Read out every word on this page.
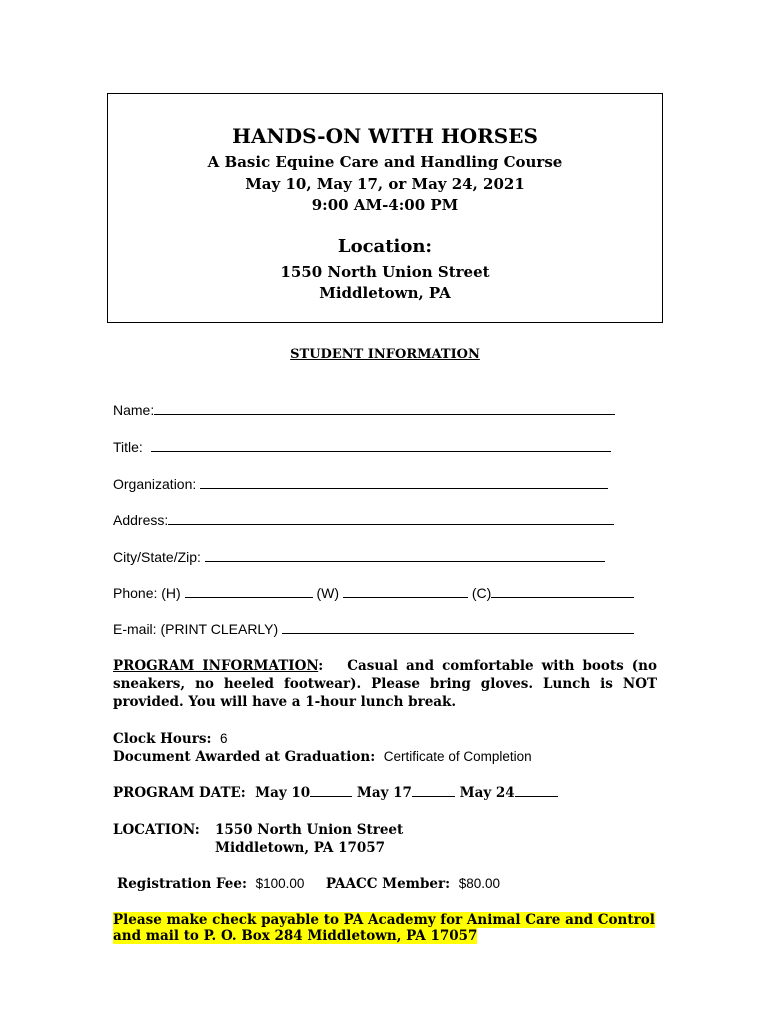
HANDS-ON WITH HORSES
A Basic Equine Care and Handling Course
May 10, May 17, or May 24, 2021
9:00 AM-4:00 PM
Location:
1550 North Union Street
Middletown, PA
STUDENT INFORMATION
Name:
Title:
Organization:
Address:
City/State/Zip:
Phone: (H)	(W)	(C)
E-mail: (PRINT CLEARLY)
PROGRAM INFORMATION: Casual and comfortable with boots (no sneakers, no heeled footwear). Please bring gloves. Lunch is NOT provided. You will have a 1-hour lunch break.
Clock Hours: 6
Document Awarded at Graduation: Certificate of Completion
PROGRAM DATE: May 10	May 17	May 24
LOCATION: 1550 North Union Street
Middletown, PA 17057
Registration Fee: $100.00 PAACC Member: $80.00
Please make check payable to PA Academy for Animal Care and Control
and mail to P. O. Box 284 Middletown, PA 17057
